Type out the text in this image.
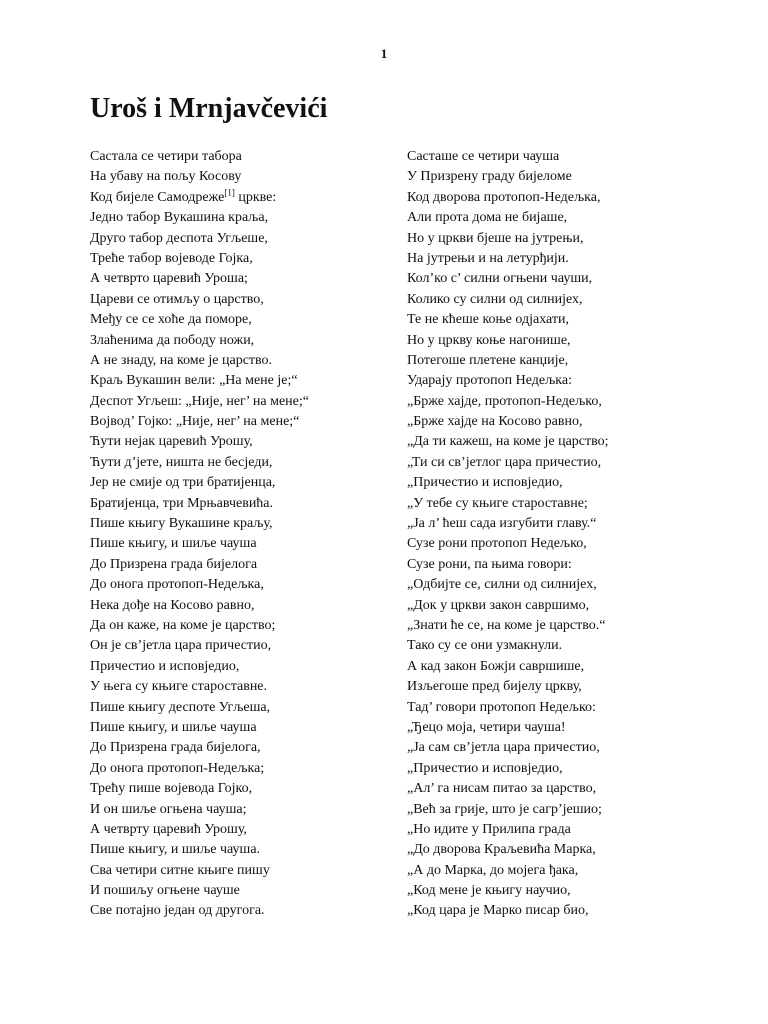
1
Uroš i Mrnjavčevići
Састала се четири табора
На убаву на пољу Косову
Код бијеле Самодреже[1] цркве:
Једно табор Вукашина краља,
Друго табор деспота Угљеше,
Треће табор војеводе Гојка,
А четврто царевић Уроша;
Цареви се отимљу о царство,
Међу се се хоће да поморе,
Злаћенима да пободу ножи,
А не знаду, на коме је царство.
Краљ Вукашин вели: „На мене је;“
Деспот Угљеш: „Није, нег’ на мене;“
Војвод’ Гојко: „Није, нег’ на мене;“
Ћути нејак царевић Урошу,
Ћути д’јете, ништа не бесједи,
Јер не смије од три братијенца,
Братијенца, три Мрњавчевића.
Пише књигу Вукашине краљу,
Пише књигу, и шиље чауша
До Призрена града бијелога
До онога протопоп-Недељка,
Нека дође на Косово равно,
Да он каже, на коме је царство;
Он је св’јетла цара причестио,
Причестио и исповједио,
У њега су књиге староставне.
Пише књигу деспоте Угљеша,
Пише књигу, и шиље чауша
До Призрена града бијелога,
До онога протопоп-Недељка;
Трећу пише војевода Гојко,
И он шиље огњена чауша;
А четврту царевић Урошу,
Пише књигу, и шиље чауша.
Сва четири ситне књиге пишу
И пошиљу огњене чауше
Све потајно један од другога.
Састаше се четири чауша
У Призрену граду бијеломе
Код дворова протопоп-Недељка,
Али прота дома не бијаше,
Но у цркви бјеше на јутрењи,
На јутрењи и на летурђији.
Кол’ко с’ силни огњени чауши,
Колико су силни од силнијех,
Те не кћеше коње одјахати,
Но у цркву коње нагонише,
Потегоше плетене канџије,
Ударају протопоп Недељка:
„Брже хајде, протопоп-Недељко,
„Брже хајде на Косово равно,
„Да ти кажеш, на коме је царство;
„Ти си св’јетлог цара причестио,
„Причестио и исповједио,
„У тебе су књиге староставне;
„Ја л’ ћеш сада изгубити главу.“
Сузе рони протопоп Недељко,
Сузе рони, па њима говори:
„Одбијте се, силни од силнијех,
„Док у цркви закон савршимо,
„Знати ће се, на коме је царство.“
Тако су се они узмакнули.
А кад закон Божји савршише,
Изљегоше пред бијелу цркву,
Тад’ говори протопоп Недељко:
„Ђецо моја, четири чауша!
„Ја сам св’јетла цара причестио,
„Причестио и исповједио,
„Ал’ га нисам питао за царство,
„Већ за грије, што је сагр’јешио;
„Но идите у Прилипа града
„До дворова Краљевића Марка,
„А до Марка, до мојега ђака,
„Код мене је књигу научио,
„Код цара је Марко писар био,
